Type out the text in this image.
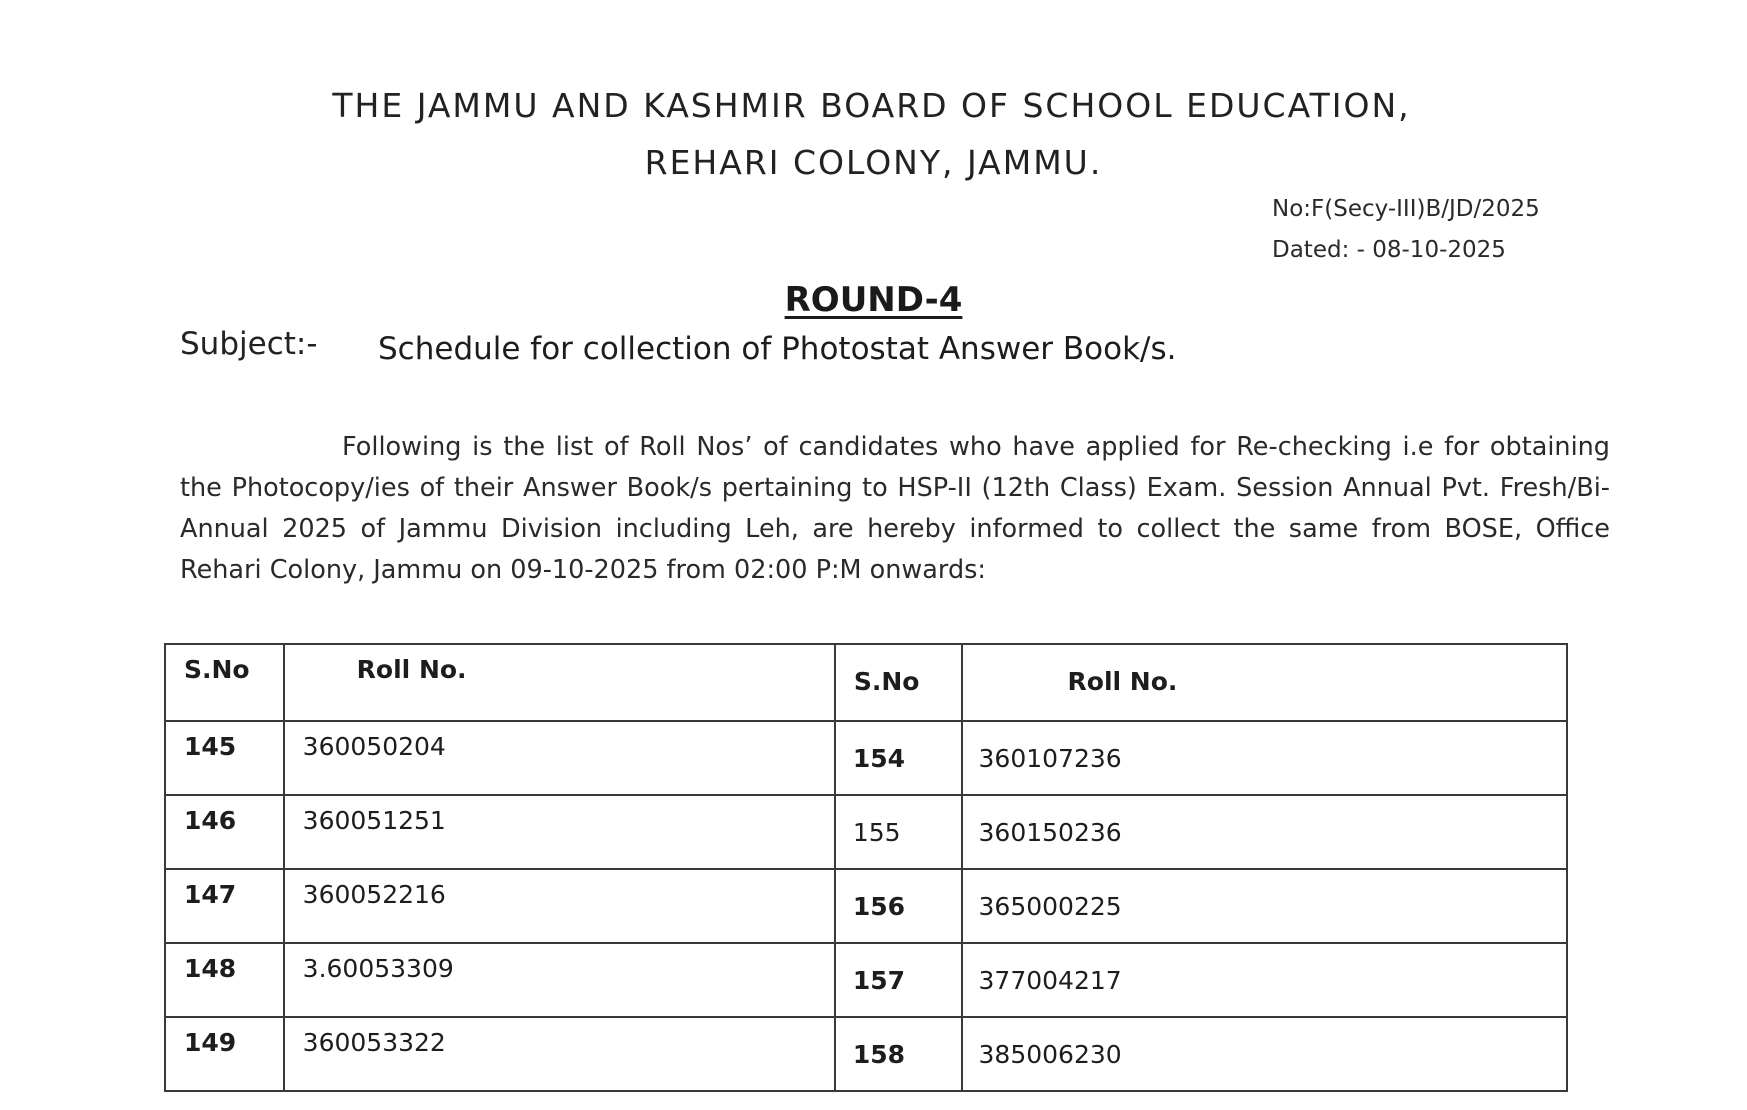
THE JAMMU AND KASHMIR BOARD OF SCHOOL EDUCATION,
REHARI COLONY, JAMMU.
No:F(Secy-III)B/JD/2025
Dated: - 08-10-2025
ROUND-4
Subject:- Schedule for collection of Photostat Answer Book/s.
Following is the list of Roll Nos’ of candidates who have applied for Re-checking i.e for obtaining the Photocopy/ies of their Answer Book/s pertaining to HSP-II (12th Class) Exam. Session Annual Pvt. Fresh/Bi-Annual 2025 of Jammu Division including Leh, are hereby informed to collect the same from BOSE, Office Rehari Colony, Jammu on 09-10-2025 from 02:00 P:M onwards:
S.No	Roll No.	S.No	Roll No.

145	360050204	154	360107236

146	360051251	155	360150236

147	360052216	156	365000225

148	3.60053309	157	377004217

149	360053322	158	385006230
